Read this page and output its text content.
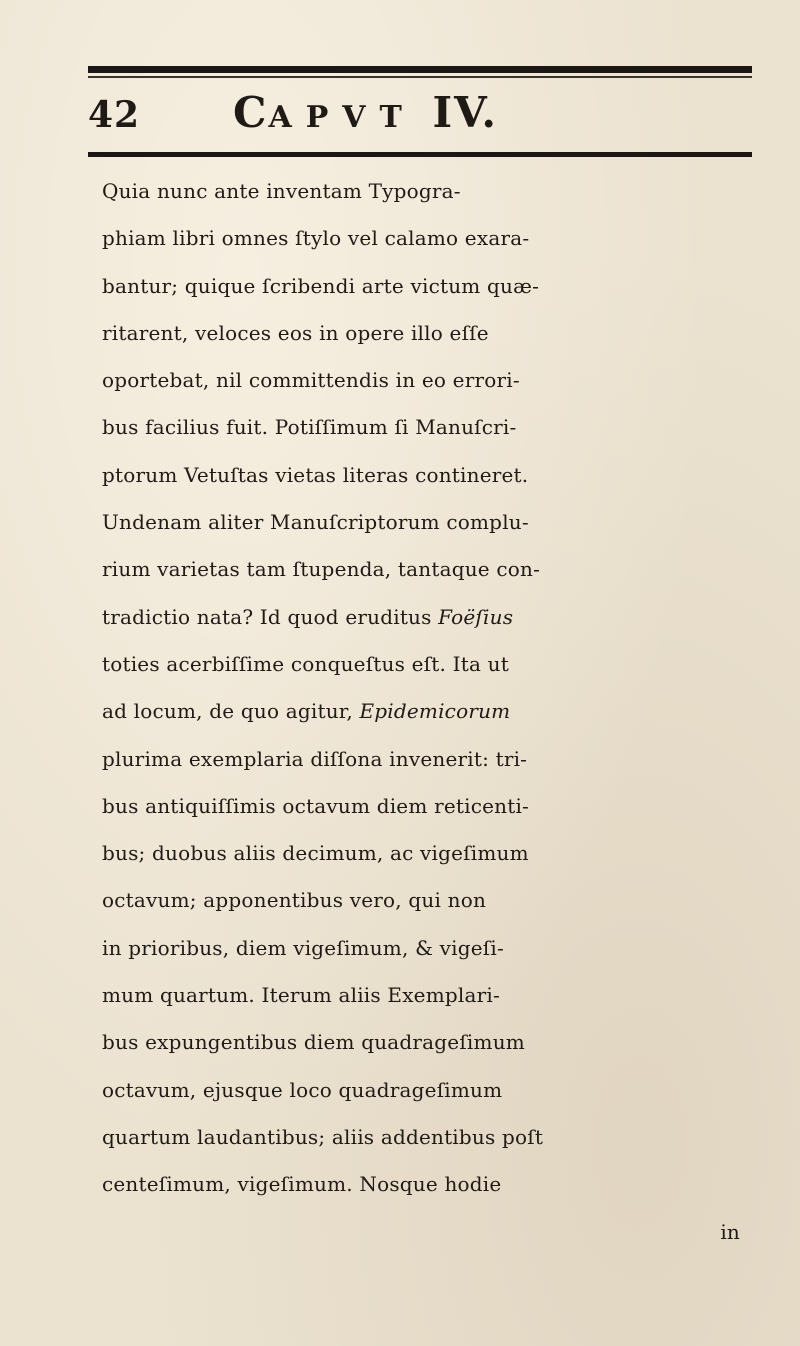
42 CAPVT IV.
Quia nunc ante inventam Typogra-
phiam libri omnes ſtylo vel calamo exara-
bantur; quique ſcribendi arte victum quæ-
ritarent, veloces eos in opere illo eſſe
oportebat, nil committendis in eo errori-
bus facilius fuit. Potiſſimum ſi Manuſcri-
ptorum Vetuſtas vietas literas contineret.
Undenam aliter Manuſcriptorum complu-
rium varietas tam ſtupenda, tantaque con-
tradictio nata? Id quod eruditus Foëſius
toties acerbiſſime conqueſtus eſt. Ita ut
ad locum, de quo agitur, Epidemicorum
plurima exemplaria diſſona invenerit: tri-
bus antiquiſſimis octavum diem reticenti-
bus; duobus aliis decimum, ac vigeſimum
octavum; apponentibus vero, qui non
in prioribus, diem vigeſimum, & vigeſi-
mum quartum. Iterum aliis Exemplari-
bus expungentibus diem quadrageſimum
octavum, ejusque loco quadrageſimum
quartum laudantibus; aliis addentibus poſt
centeſimum, vigeſimum. Nosque hodie
in
